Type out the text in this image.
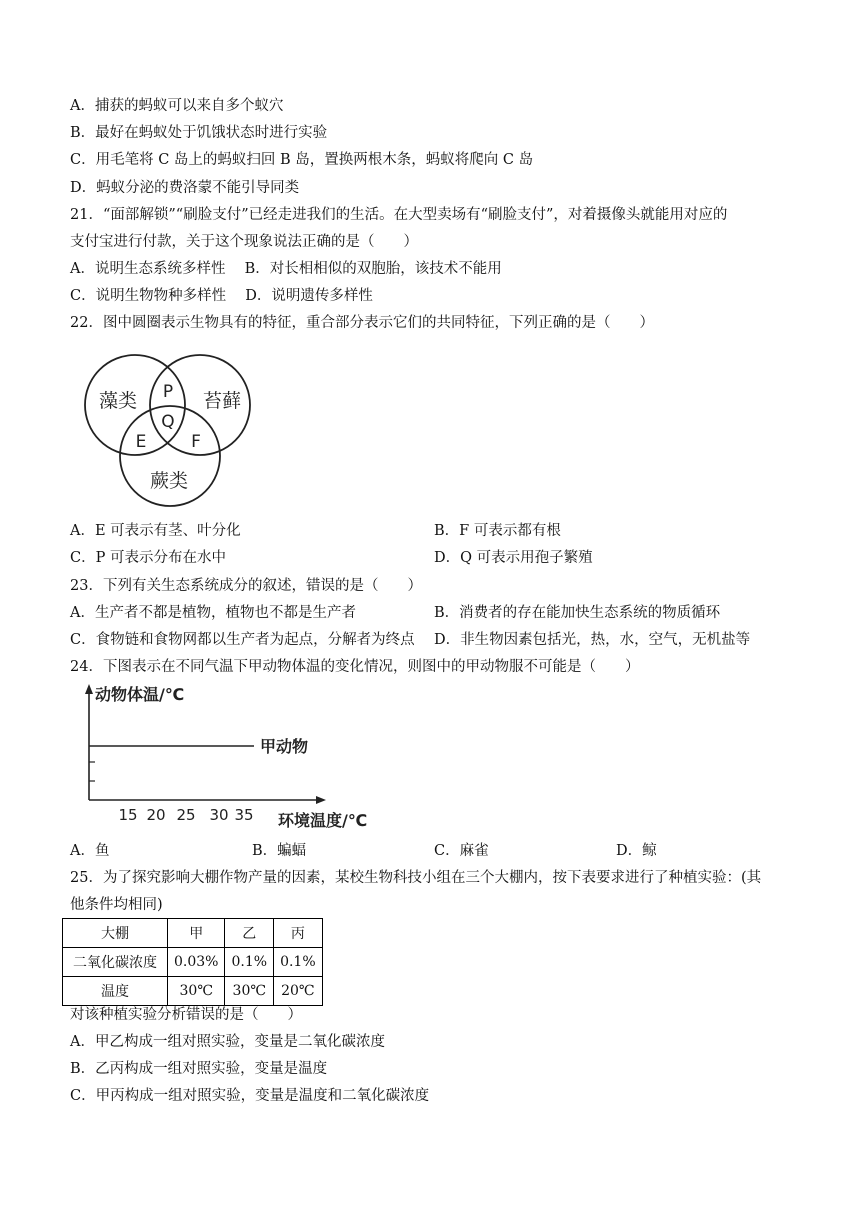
A．捕获的蚂蚁可以来自多个蚁穴
B．最好在蚂蚁处于饥饿状态时进行实验
C．用毛笔将 C 岛上的蚂蚁扫回 B 岛，置换两根木条，蚂蚁将爬向 C 岛
D．蚂蚁分泌的费洛蒙不能引导同类
21．“面部解锁”“刷脸支付”已经走进我们的生活。在大型卖场有“刷脸支付”，对着摄像头就能用对应的
支付宝进行付款，关于这个现象说法正确的是（　　）
A．说明生态系统多样性　 B．对长相相似的双胞胎，该技术不能用
C．说明生物物种多样性　 D．说明遗传多样性
22．图中圆圈表示生物具有的特征，重合部分表示它们的共同特征，下列正确的是（　　）
藻类	苔藓
蕨类
P
Q
E	F
A．E 可表示有茎、叶分化	B．F 可表示都有根
C．P 可表示分布在水中	D．Q 可表示用孢子繁殖
23．下列有关生态系统成分的叙述，错误的是（　　）
A．生产者不都是植物，植物也不都是生产者	B．消费者的存在能加快生态系统的物质循环
C．食物链和食物网都以生产者为起点，分解者为终点 D．非生物因素包括光，热，水，空气，无机盐等
24．下图表示在不同气温下甲动物体温的变化情况，则图中的甲动物服不可能是（　　）
甲动物
动物体温/℃
15 20 25 30 35 环境温度/℃
A．鱼	B．蝙蝠	C．麻雀	D．鲸
25．为了探究影响大棚作物产量的因素，某校生物科技小组在三个大棚内，按下表要求进行了种植实验：(其
他条件均相同)
大棚	甲	乙	丙
二氧化碳浓度	0.03%	0.1%	0.1%
温度	30℃	30℃	20℃
对该种植实验分析错误的是（　　）
A．甲乙构成一组对照实验，变量是二氧化碳浓度
B．乙丙构成一组对照实验，变量是温度
C．甲丙构成一组对照实验，变量是温度和二氧化碳浓度
